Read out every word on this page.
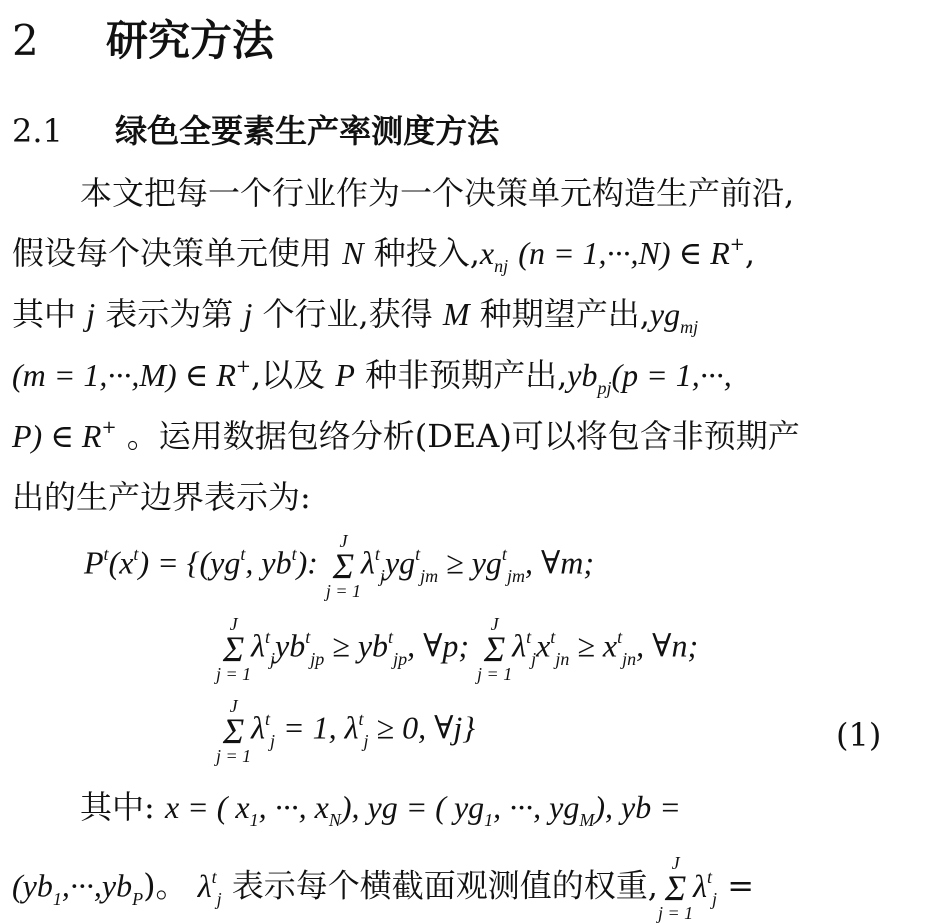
2 研究方法
2.1 绿色全要素生产率测度方法
本文把每一个行业作为一个决策单元构造生产前沿,
假设每个决策单元使用 N 种投入$,x_{nj}$ (n = 1,···,N) ∈ R+,
其中 j 表示为第 j 个行业,获得 M 种期望产出$,yg_{mj}$
(m = 1,···,M) ∈ R+,以及 P 种非预期产出$,yb_{pj}(p = 1,\cdot\cdot\cdot$,
P) ∈ R+ 。运用数据包络分析(DEA)可以将包含非预期产
出的生产边界表示为:
$P^t(x^t) = \{(yg^t$, $yb^t$):
J
Σ
j = 1
$\lambda^t_jyg^t_{jm} \ge yg^t_{jm}$, ∀m;
J
Σ
j = 1
$\lambda^t_jyb^t_{jp} \ge yb^t_{jp}$, ∀p;
J
Σ
j = 1
$\lambda^t_jx^t_{jn} \ge x^t_{jn}$, ∀n;
J
Σ
j = 1
$\lambda^t_j = 1$, $\lambda^t_j \ge 0$, ∀j}	(1)
其中: x = ( $x_1$, ···, $x_N$), yg = ( $yg_1$, ···, $yg_M$), yb =
$(yb_1,\cdot\cdot\cdot,yb_P)$。 $\lambda^t_j$ 表示每个横截面观测值的权重,
J
Σ
j = 1
$\lambda^t_j$ =
